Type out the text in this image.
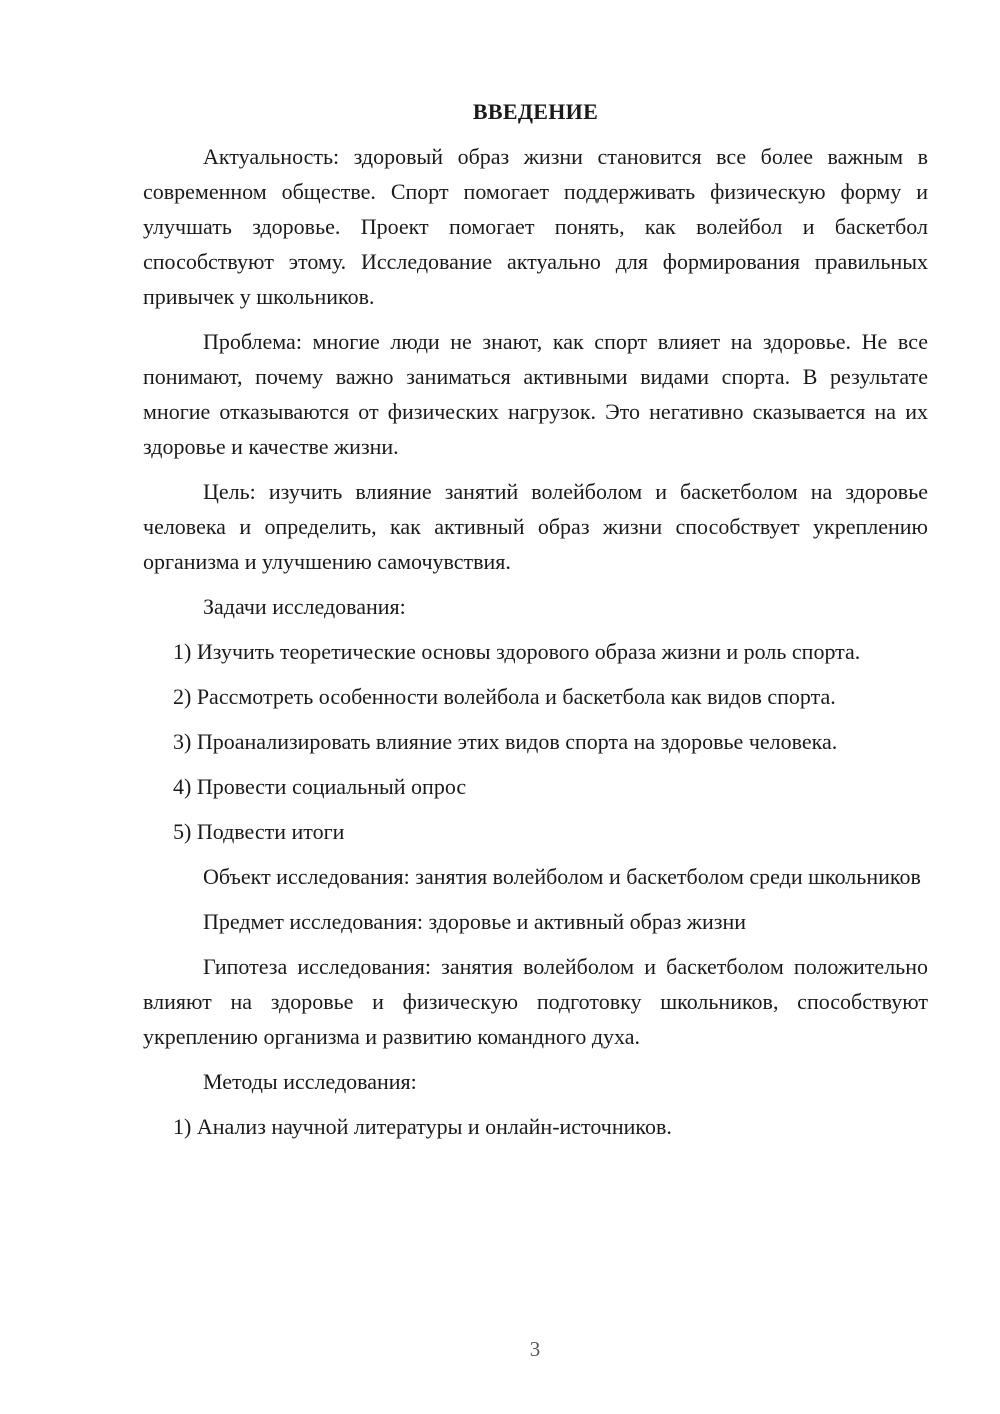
ВВЕДЕНИЕ

Актуальность: здоровый образ жизни становится все более важным в современном обществе. Спорт помогает поддерживать физическую форму и улучшать здоровье. Проект помогает понять, как волейбол и баскетбол способствуют этому. Исследование актуально для формирования правильных привычек у школьников.

Проблема: многие люди не знают, как спорт влияет на здоровье. Не все понимают, почему важно заниматься активными видами спорта. В результате многие отказываются от физических нагрузок. Это негативно сказывается на их здоровье и качестве жизни.

Цель: изучить влияние занятий волейболом и баскетболом на здоровье человека и определить, как активный образ жизни способствует укреплению организма и улучшению самочувствия.

Задачи исследования:

1) Изучить теоретические основы здорового образа жизни и роль спорта.

2) Рассмотреть особенности волейбола и баскетбола как видов спорта.

3) Проанализировать влияние этих видов спорта на здоровье человека.

4) Провести социальный опрос

5) Подвести итоги

Объект исследования: занятия волейболом и баскетболом среди школьников

Предмет исследования: здоровье и активный образ жизни

Гипотеза исследования: занятия волейболом и баскетболом положительно влияют на здоровье и физическую подготовку школьников, способствуют укреплению организма и развитию командного духа.

Методы исследования:

1) Анализ научной литературы и онлайн-источников.

3
